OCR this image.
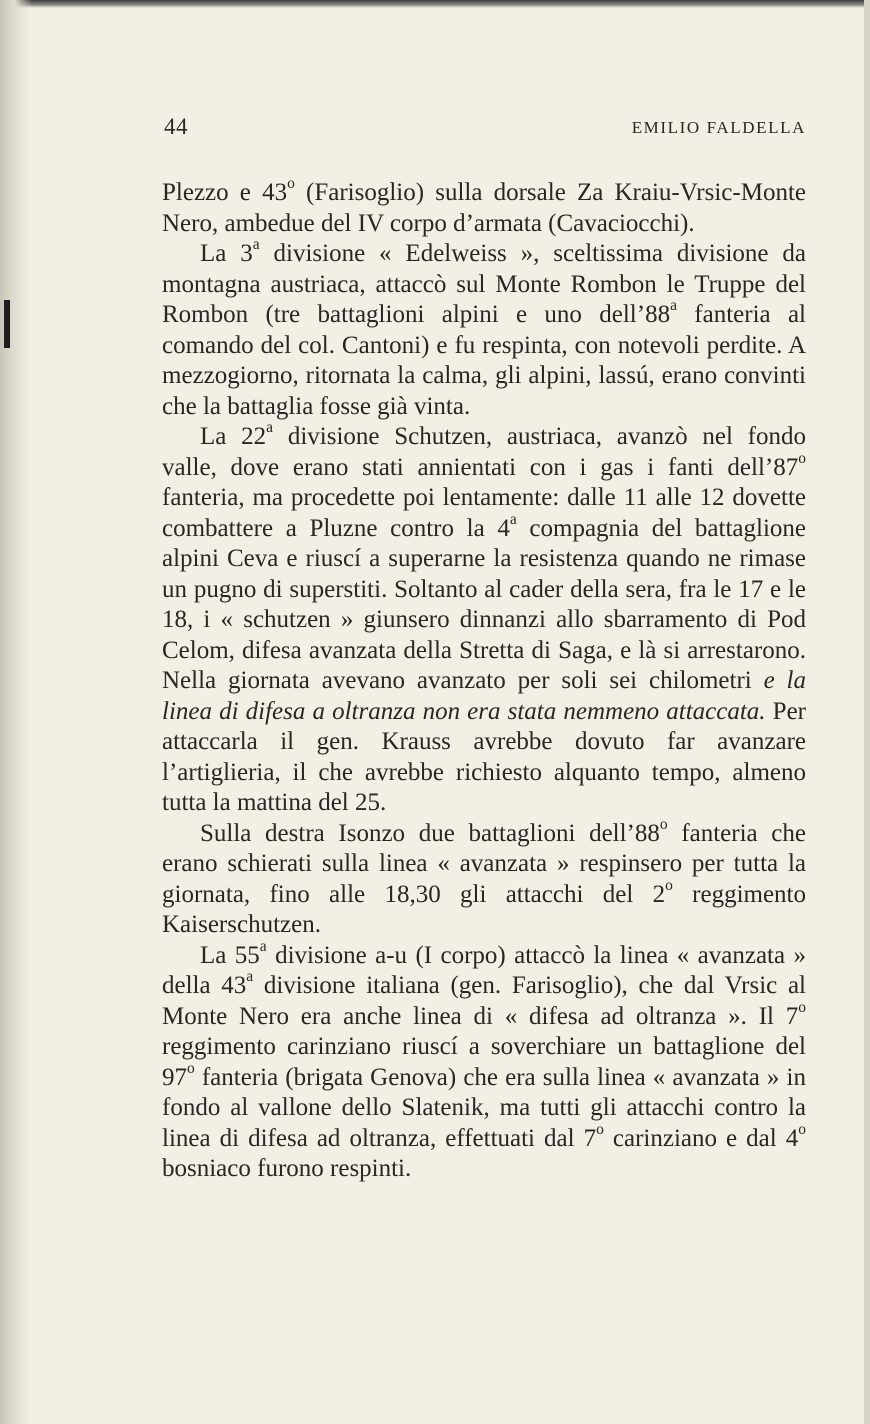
44	EMILIO FALDELLA

Plezzo e 43$^o$ (Farisoglio) sulla dorsale Za Kraiu-Vrsic-Monte Nero, ambedue del IV corpo d’armata (Cavaciocchi).

La 3$^a$ divisione « Edelweiss », sceltissima divisione da montagna austriaca, attaccò sul Monte Rombon le Truppe del Rombon (tre battaglioni alpini e uno dell’88$^a$ fanteria al comando del col. Cantoni) e fu respinta, con notevoli perdite. A mezzogiorno, ritornata la calma, gli alpini, lassú, erano convinti che la battaglia fosse già vinta.

La 22$^a$ divisione Schutzen, austriaca, avanzò nel fondo valle, dove erano stati annientati con i gas i fanti dell’87$^o$ fanteria, ma procedette poi lentamente: dalle 11 alle 12 dovette combattere a Pluzne contro la 4$^a$ compagnia del battaglione alpini Ceva e riuscí a superarne la resistenza quando ne rimase un pugno di superstiti. Soltanto al cader della sera, fra le 17 e le 18, i « schutzen » giunsero dinnanzi allo sbarramento di Pod Celom, difesa avanzata della Stretta di Saga, e là si arrestarono. Nella giornata avevano avanzato per soli sei chilometri e la linea di difesa a oltranza non era stata nemmeno attaccata. Per attaccarla il gen. Krauss avrebbe dovuto far avanzare l’artiglieria, il che avrebbe richiesto alquanto tempo, almeno tutta la mattina del 25.

Sulla destra Isonzo due battaglioni dell’88$^o$ fanteria che erano schierati sulla linea « avanzata » respinsero per tutta la giornata, fino alle 18,30 gli attacchi del 2$^o$ reggimento Kaiserschutzen.

La 55$^a$ divisione a-u (I corpo) attaccò la linea « avanzata » della 43$^a$ divisione italiana (gen. Farisoglio), che dal Vrsic al Monte Nero era anche linea di « difesa ad oltranza ». Il 7$^o$ reggimento carinziano riuscí a soverchiare un battaglione del 97$^o$ fanteria (brigata Genova) che era sulla linea « avanzata » in fondo al vallone dello Slatenik, ma tutti gli attacchi contro la linea di difesa ad oltranza, effettuati dal 7$^o$ carinziano e dal 4$^o$ bosniaco furono respinti.
